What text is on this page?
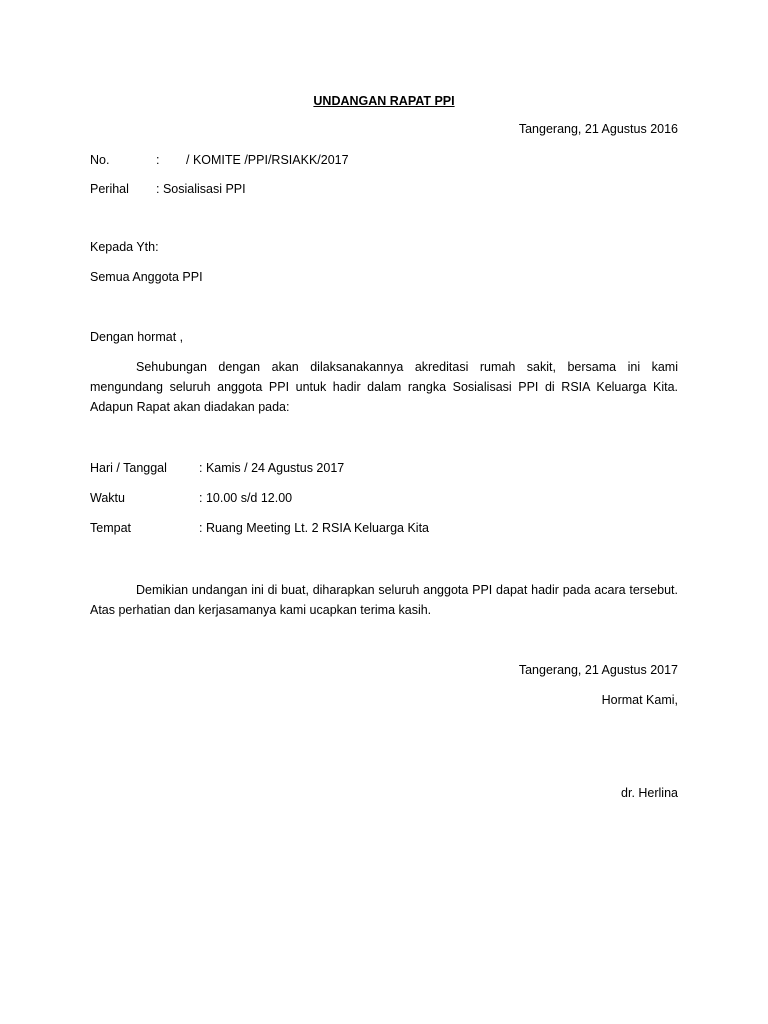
UNDANGAN RAPAT PPI
Tangerang, 21 Agustus 2016
No.	: / KOMITE /PPI/RSIAKK/2017
Perihal : Sosialisasi PPI
Kepada Yth:
Semua Anggota PPI
Dengan hormat ,
Sehubungan dengan akan dilaksanakannya akreditasi rumah sakit, bersama ini kami mengundang seluruh anggota PPI untuk hadir dalam rangka Sosialisasi PPI di RSIA Keluarga Kita. Adapun Rapat akan diadakan pada:
Hari / Tanggal	: Kamis / 24 Agustus 2017
Waktu	: 10.00 s/d 12.00
Tempat	: Ruang Meeting Lt. 2 RSIA Keluarga Kita
Demikian undangan ini di buat, diharapkan seluruh anggota PPI dapat hadir pada acara tersebut. Atas perhatian dan kerjasamanya kami ucapkan terima kasih.
Tangerang, 21 Agustus 2017
Hormat Kami,
dr. Herlina
